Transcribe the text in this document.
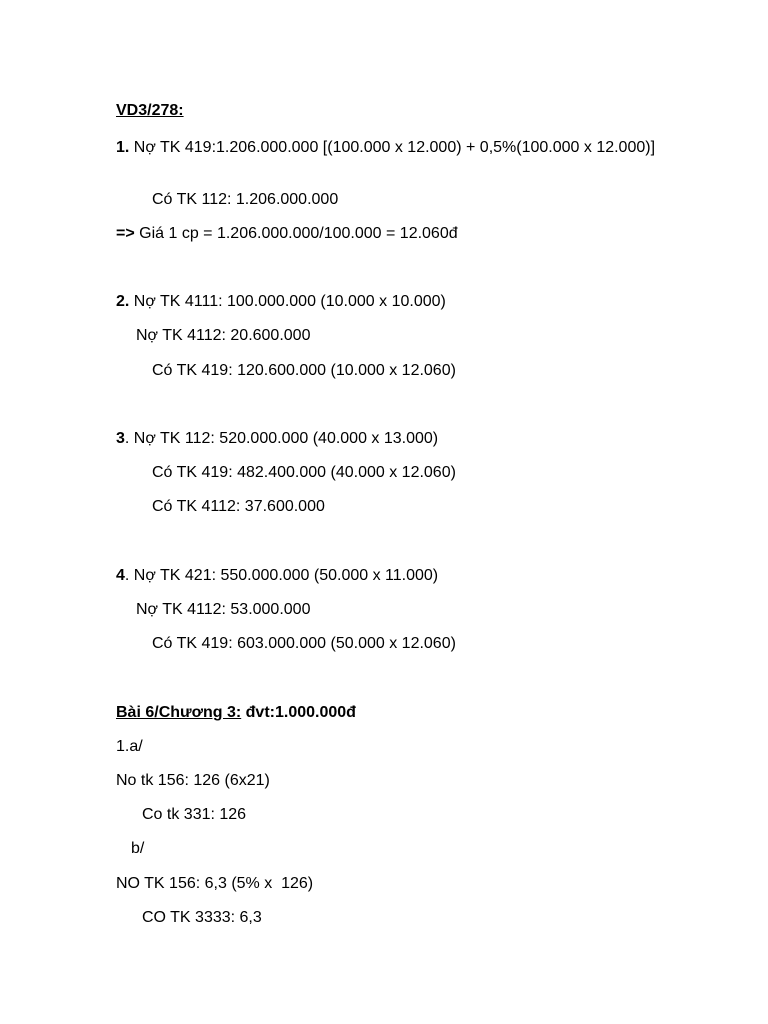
VD3/278:
1. Nợ TK 419:1.206.000.000 [(100.000 x 12.000) + 0,5%(100.000 x 12.000)]
Có TK 112: 1.206.000.000
=> Giá 1 cp = 1.206.000.000/100.000 = 12.060đ
2. Nợ TK 4111: 100.000.000 (10.000 x 10.000)
Nợ TK 4112: 20.600.000
Có TK 419: 120.600.000 (10.000 x 12.060)
3. Nợ TK 112: 520.000.000 (40.000 x 13.000)
Có TK 419: 482.400.000 (40.000 x 12.060)
Có TK 4112: 37.600.000
4. Nợ TK 421: 550.000.000 (50.000 x 11.000)
Nợ TK 4112: 53.000.000
Có TK 419: 603.000.000 (50.000 x 12.060)
Bài 6/Chương 3: đvt:1.000.000đ
1.a/
No tk 156: 126 (6x21)
Co tk 331: 126
b/
NO TK 156: 6,3 (5% x  126)
CO TK 3333: 6,3
